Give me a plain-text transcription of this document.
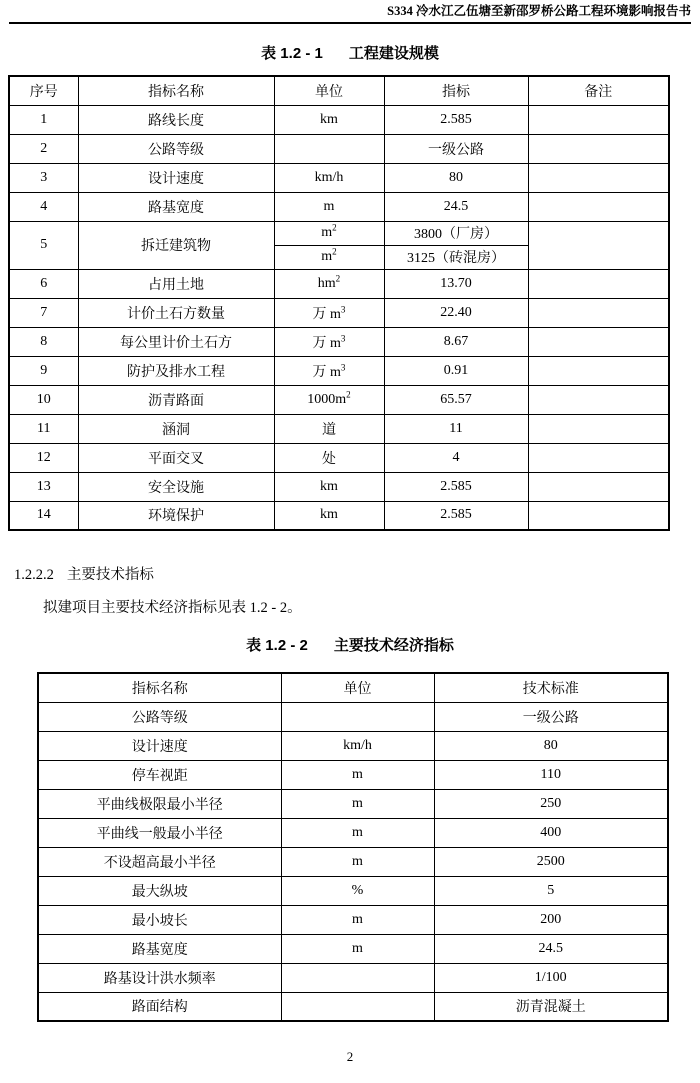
S334 冷水江乙伍塘至新邵罗桥公路工程环境影响报告书
表 1.2 - 1 工程建设规模
序号	指标名称	单位	指标	备注
1	路线长度	km	2.585	
2	公路等级		一级公路	
3	设计速度	km/h	80	
4	路基宽度	m	24.5	
5	拆迁建筑物	$m^2$	3800（厂房）	
		$m^2$	3125（砖混房）	
6	占用土地	$hm^2$	13.70	
7	计价土石方数量	万 $m^3$	22.40	
8	每公里计价土石方	万 $m^3$	8.67	
9	防护及排水工程	万 $m^3$	0.91	
10	沥青路面	$1000m^2$	65.57	
11	涵洞	道	11	
12	平面交叉	处	4	
13	安全设施	km	2.585	
14	环境保护	km	2.585	
1.2.2.2 主要技术指标
拟建项目主要技术经济指标见表 1.2 - 2。
表 1.2 - 2 主要技术经济指标
指标名称	单位	技术标准
公路等级		一级公路
设计速度	km/h	80
停车视距	m	110
平曲线极限最小半径	m	250
平曲线一般最小半径	m	400
不设超高最小半径	m	2500
最大纵坡	%	5
最小坡长	m	200
路基宽度	m	24.5
路基设计洪水频率		1/100
路面结构		沥青混凝土
2
